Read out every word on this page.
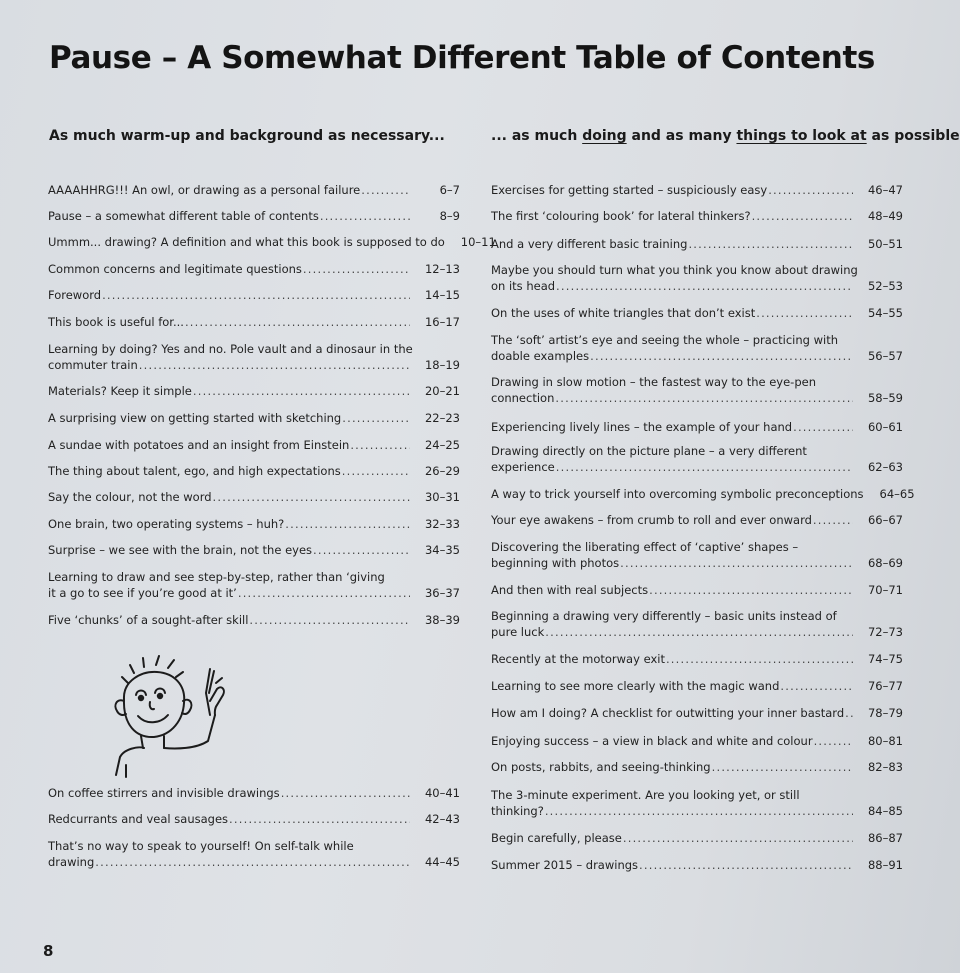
Pause – A Somewhat Different Table of Contents
As much warm-up and background as necessary...	... as much doing and as many things to look at as possible
AAAAHHRG!!! An owl, or drawing as a personal failure .....	6–7
Pause – a somewhat different table of contents .....	8–9
Ummm... drawing? A definition and what this book is supposed to do	10–11
Common concerns and legitimate questions .....	12–13
Foreword .....	14–15
This book is useful for... .....	16–17
Learning by doing? Yes and no. Pole vault and a dinosaur in the
commuter train .....	18–19
Materials? Keep it simple .....	20–21
A surprising view on getting started with sketching .....	22–23
A sundae with potatoes and an insight from Einstein .....	24–25
The thing about talent, ego, and high expectations .....	26–29
Say the colour, not the word .....	30–31
One brain, two operating systems – huh? .....	32–33
Surprise – we see with the brain, not the eyes .....	34–35
Learning to draw and see step-by-step, rather than ‘giving
it a go to see if you’re good at it’ .....	36–37
Five ‘chunks’ of a sought-after skill .....	38–39
On coffee stirrers and invisible drawings .....	40–41
Redcurrants and veal sausages .....	42–43
That’s no way to speak to yourself! On self-talk while
drawing .....	44–45
Exercises for getting started – suspiciously easy .....	46–47
The first ‘colouring book’ for lateral thinkers? .....	48–49
And a very different basic training .....	50–51
Maybe you should turn what you think you know about drawing
on its head .....	52–53
On the uses of white triangles that don’t exist .....	54–55
The ‘soft’ artist’s eye and seeing the whole – practicing with
doable examples .....	56–57
Drawing in slow motion – the fastest way to the eye-pen
connection .....	58–59
Experiencing lively lines – the example of your hand .....	60–61
Drawing directly on the picture plane – a very different
experience .....	62–63
A way to trick yourself into overcoming symbolic preconceptions	64–65
Your eye awakens – from crumb to roll and ever onward .....	66–67
Discovering the liberating effect of ‘captive’ shapes –
beginning with photos .....	68–69
And then with real subjects .....	70–71
Beginning a drawing very differently – basic units instead of
pure luck .....	72–73
Recently at the motorway exit .....	74–75
Learning to see more clearly with the magic wand .....	76–77
How am I doing? A checklist for outwitting your inner bastard .....	78–79
Enjoying success – a view in black and white and colour .....	80–81
On posts, rabbits, and seeing-thinking .....	82–83
The 3-minute experiment. Are you looking yet, or still
thinking? .....	84–85
Begin carefully, please .....	86–87
Summer 2015 – drawings .....	88–91
8
